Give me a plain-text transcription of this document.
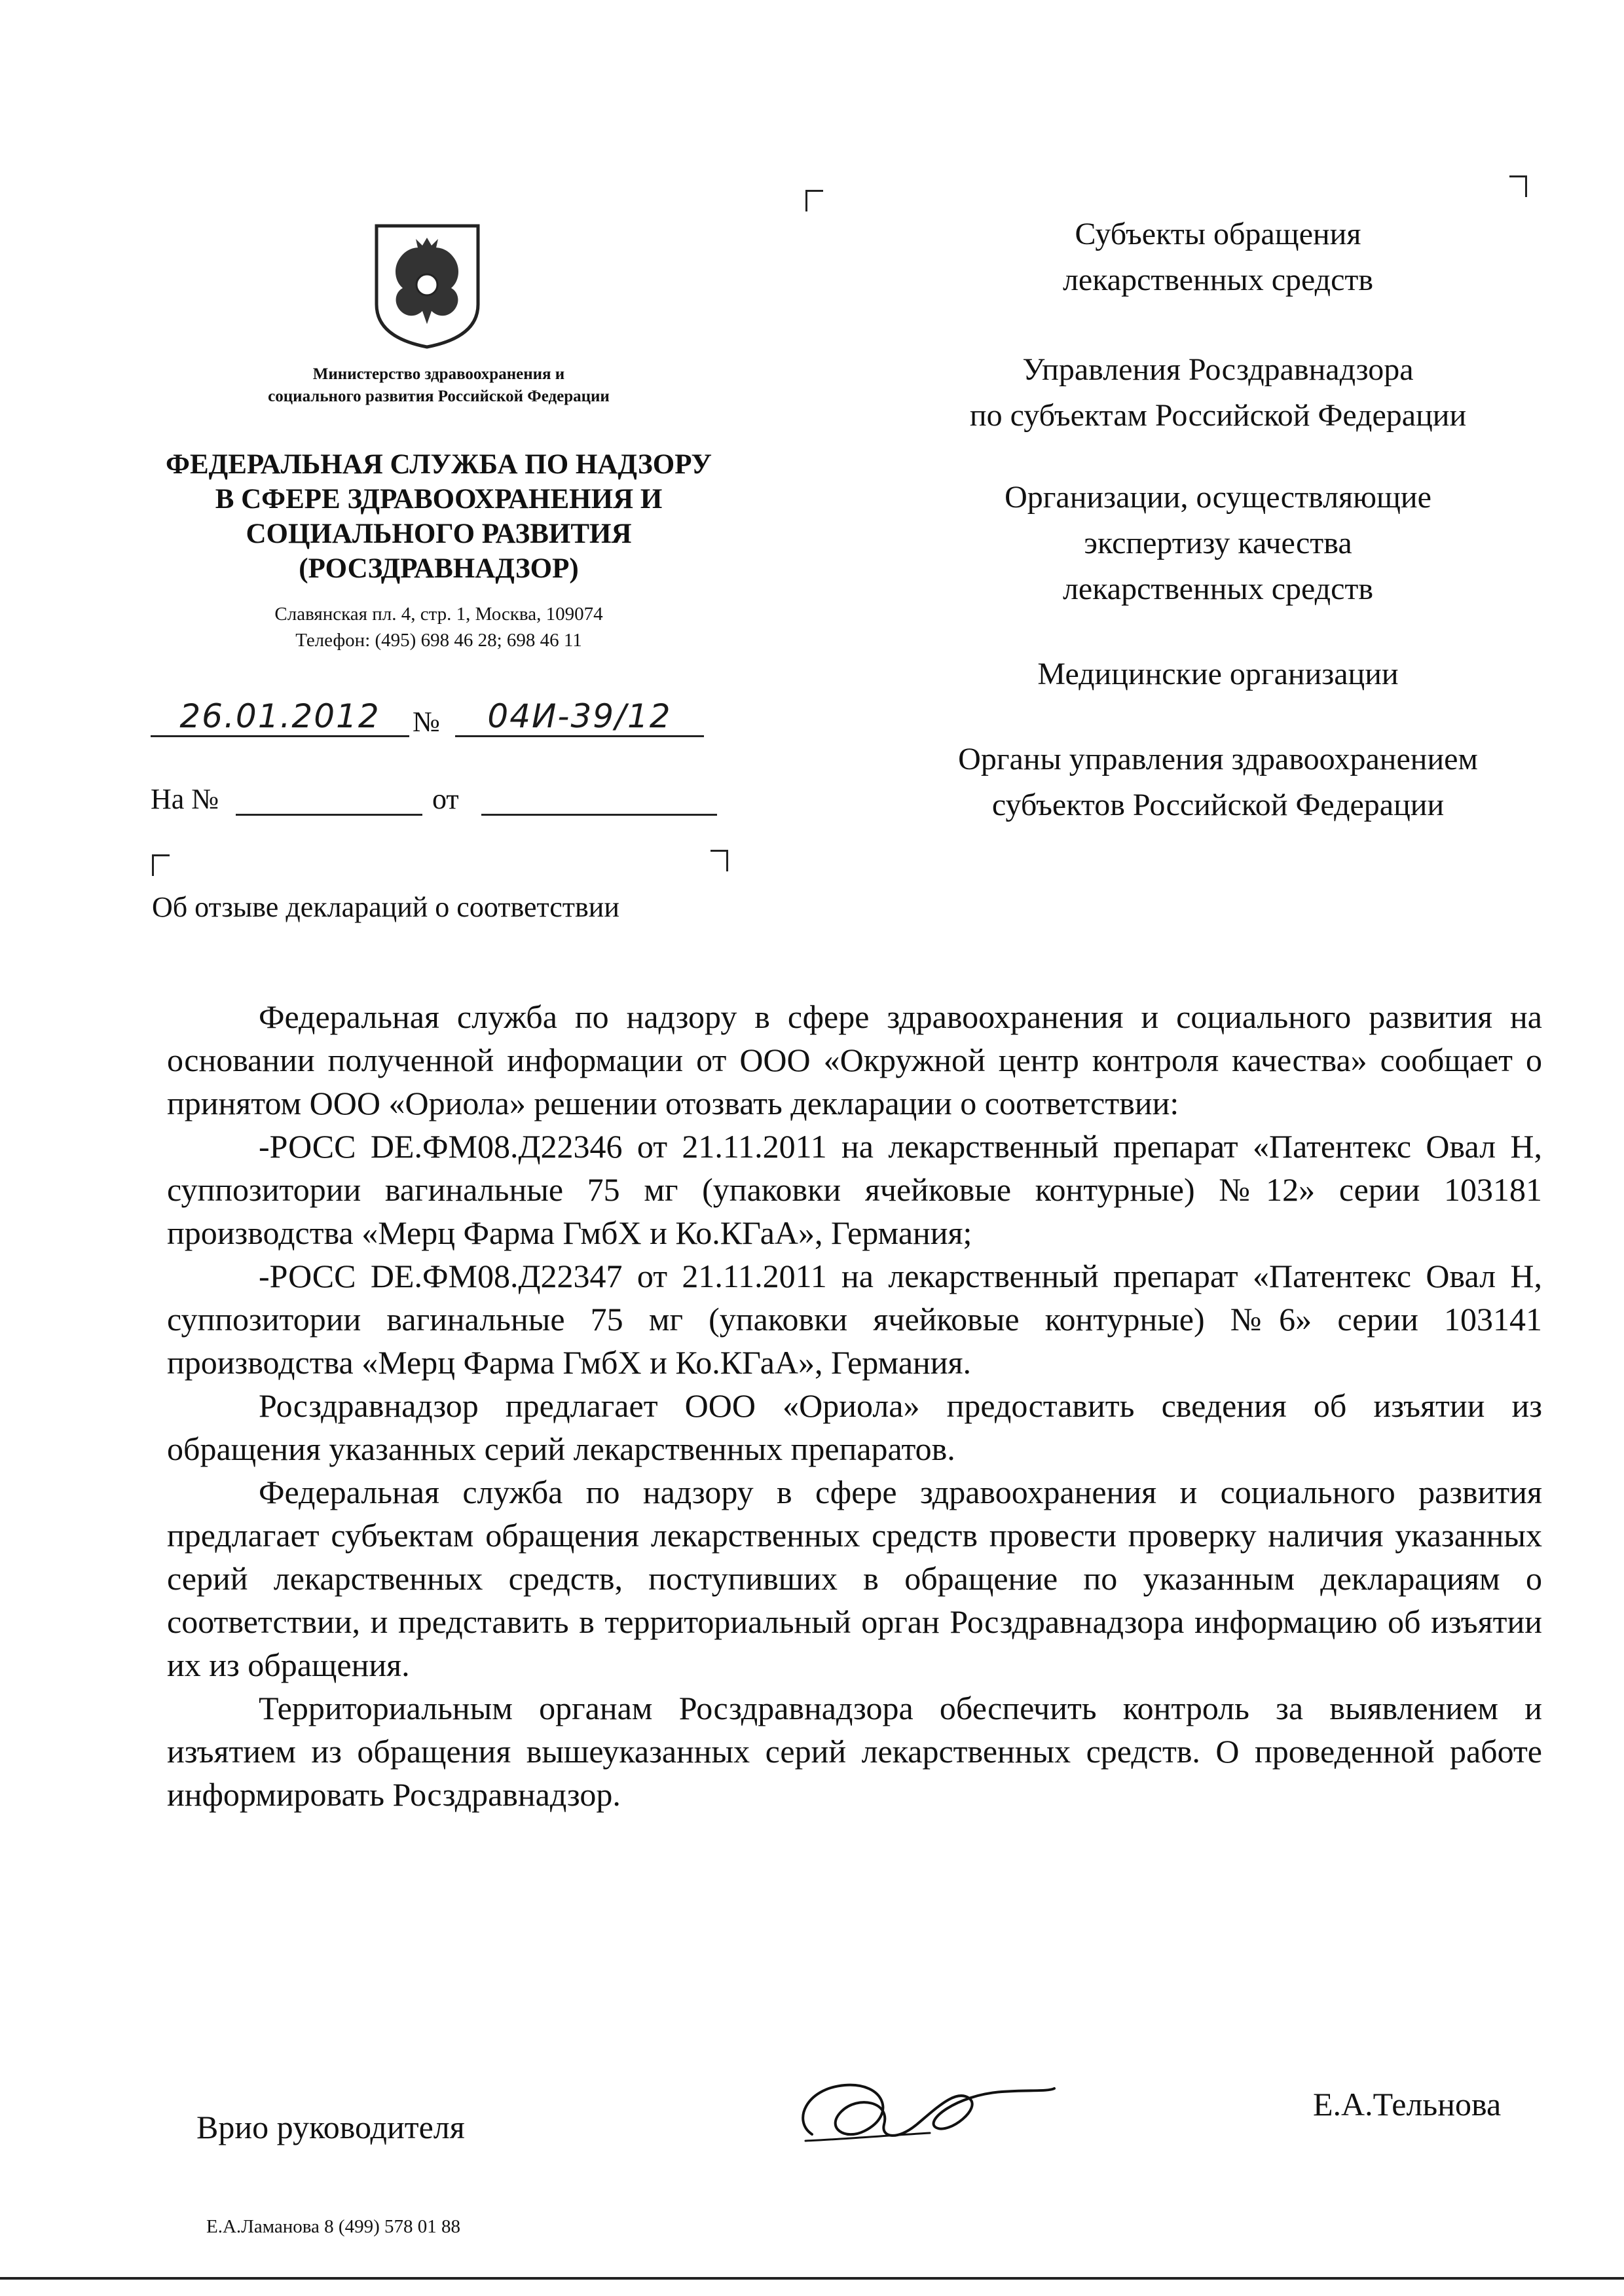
Министерство здравоохранения и
социального развития Российской Федерации
ФЕДЕРАЛЬНАЯ СЛУЖБА ПО НАДЗОРУ
В СФЕРЕ ЗДРАВООХРАНЕНИЯ И
СОЦИАЛЬНОГО РАЗВИТИЯ
(РОСЗДРАВНАДЗОР)
Славянская пл. 4, стр. 1, Москва, 109074
Телефон: (495) 698 46 28; 698 46 11
26.01.2012	№	04И-39/12
На №	от
Об отзыве деклараций о соответствии
Субъекты обращения
лекарственных средств
Управления Росздравнадзора
по субъектам Российской Федерации
Организации, осуществляющие
экспертизу качества
лекарственных средств
Медицинские организации
Органы управления здравоохранением
субъектов Российской Федерации

Федеральная служба по надзору в сфере здравоохранения и социального развития на основании полученной информации от ООО «Окружной центр контроля качества» сообщает о принятом ООО «Ориола» решении отозвать декларации о соответствии:

-РОСС DE.ФМ08.Д22346 от 21.11.2011 на лекарственный препарат «Патентекс Овал Н, суппозитории вагинальные 75 мг (упаковки ячейковые контурные) №12» серии 103181 производства «Мерц Фарма ГмбХ и Ко.КГаА», Германия;

-РОСС DE.ФМ08.Д22347 от 21.11.2011 на лекарственный препарат «Патентекс Овал Н, суппозитории вагинальные 75 мг (упаковки ячейковые контурные) №6» серии 103141 производства «Мерц Фарма ГмбХ и Ко.КГаА», Германия.

Росздравнадзор предлагает ООО «Ориола» предоставить сведения об изъятии из обращения указанных серий лекарственных препаратов.

Федеральная служба по надзору в сфере здравоохранения и социального развития предлагает субъектам обращения лекарственных средств провести проверку наличия указанных серий лекарственных средств, поступивших в обращение по указанным декларациям о соответствии, и представить в территориальный орган Росздравнадзора информацию об изъятии их из обращения.

Территориальным органам Росздравнадзора обеспечить контроль за выявлением и изъятием из обращения вышеуказанных серий лекарственных средств. О проведенной работе информировать Росздравнадзор.

Врио руководителя
Е.А.Тельнова
Е.А.Ламанова 8 (499) 578 01 88
